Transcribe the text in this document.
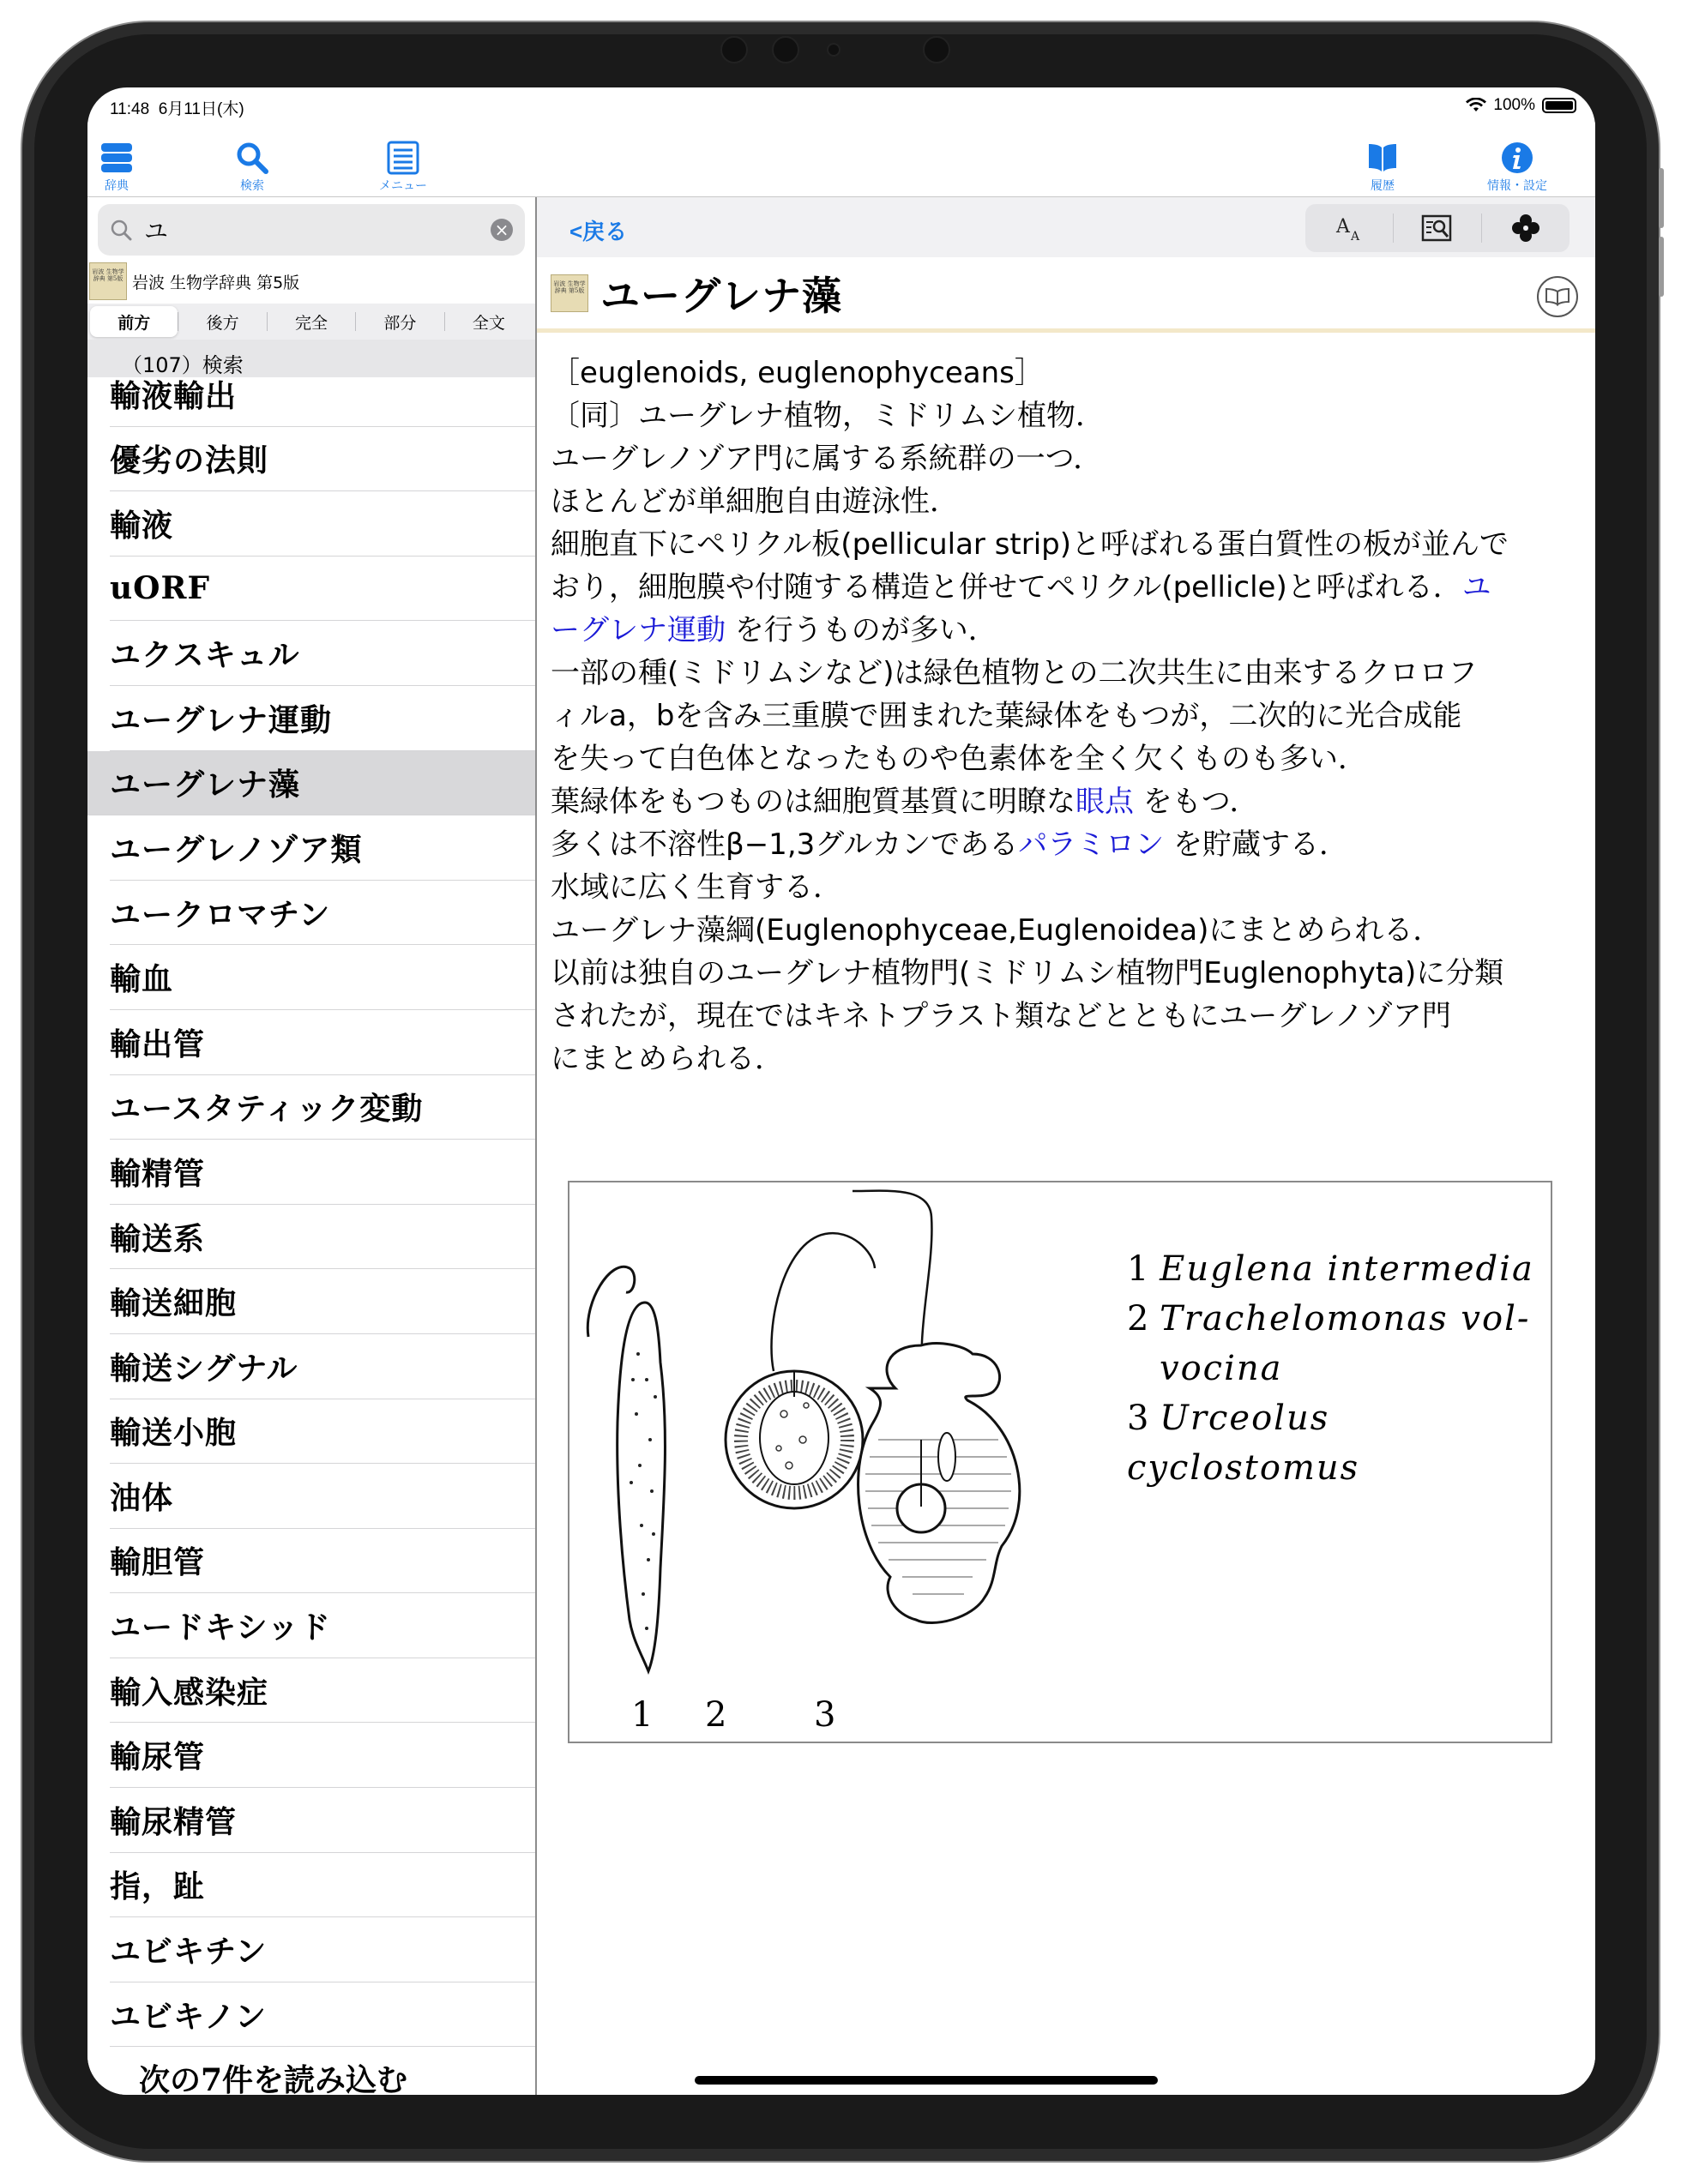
11:48 6月11日(木)	100%
辞典	検索	メニュー	履歴	情報・設定
ユ	×
岩波 生物学辞典 第5版 岩波 生物学辞典 第5版
前方	後方	完全	部分	全文
（107）検索
輸液輸出
優劣の法則
輸液
uORF
ユクスキュル
ユーグレナ運動
ユーグレナ藻
ユーグレノゾア類
ユークロマチン
輸血
輸出管
ユースタティック変動
輸精管
輸送系
輸送細胞
輸送シグナル
輸送小胞
油体
輸胆管
ユードキシッド
輸入感染症
輸尿管
輸尿精管
指，趾
ユビキチン
ユビキノン
次の7件を読み込む
<戻る	A A
岩波 生物学辞典 第5版 ユーグレナ藻

［euglenoids, euglenophyceans］

〔同〕ユーグレナ植物，ミドリムシ植物．

ユーグレノゾア門に属する系統群の一つ．

ほとんどが単細胞自由遊泳性．

細胞直下にペリクル板(pellicular strip)と呼ばれる蛋白質性の板が並んで

おり，細胞膜や付随する構造と併せてペリクル(pellicle)と呼ばれる．ユ

ーグレナ運動 を行うものが多い．

一部の種(ミドリムシなど)は緑色植物との二次共生に由来するクロロフ

ィルa，bを含み三重膜で囲まれた葉緑体をもつが，二次的に光合成能

を失って白色体となったものや色素体を全く欠くものも多い．

葉緑体をもつものは細胞質基質に明瞭な眼点 をもつ．

多くは不溶性β−1,3グルカンであるパラミロン を貯蔵する．

水域に広く生育する．

ユーグレナ藻綱(Euglenophyceae,Euglenoidea)にまとめられる．

以前は独自のユーグレナ植物門(ミドリムシ植物門Euglenophyta)に分類

されたが，現在ではキネトプラスト類などとともにユーグレノゾア門

にまとめられる．

1 2	3
1 Euglena intermedia
2 Trachelomonas vol-
vocina
3 Urceolus cyclostomus
